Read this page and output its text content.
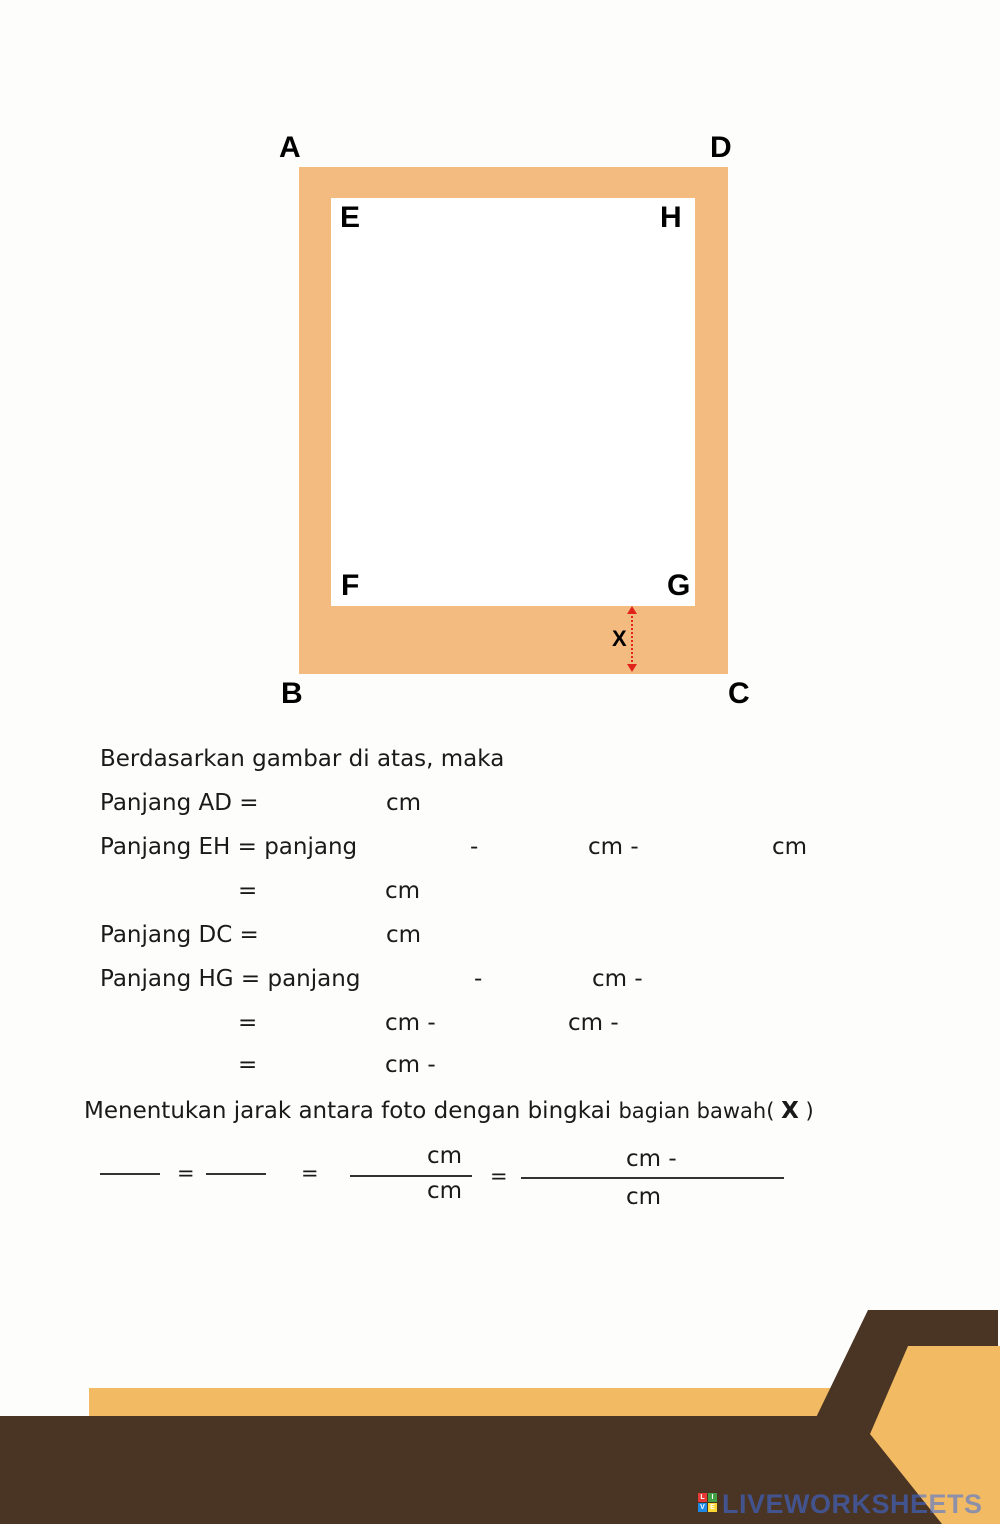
A	D
E	H
F	G
B	C
X
Berdasarkan gambar di atas, maka
Panjang AD =	cm
Panjang EH = panjang	-	cm -	cm
=	cm
Panjang DC =	cm
Panjang HG = panjang	-	cm -
=	cm -	cm -
=	cm -
Menentukan jarak antara foto dengan bingkai bagian bawah( X )
=	=
cm
cm
=
cm -
cm
L I
V E LIVEWORKSHEETS
